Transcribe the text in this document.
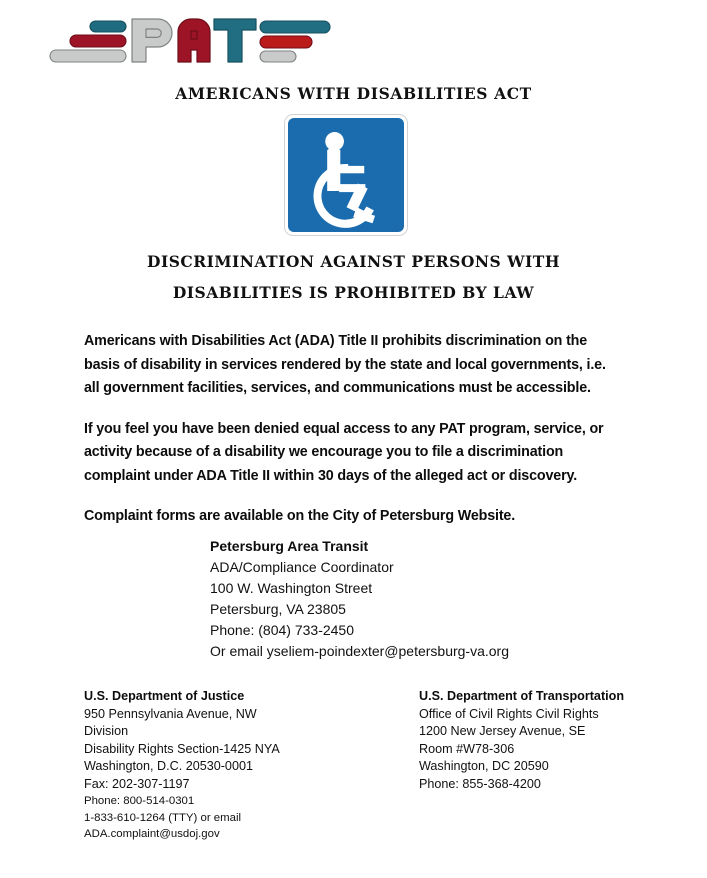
AMERICANS WITH DISABILITIES ACT
DISCRIMINATION AGAINST PERSONS WITH
DISABILITIES IS PROHIBITED BY LAW

Americans with Disabilities Act (ADA) Title II prohibits discrimination on the basis of disability in services rendered by the state and local governments, i.e. all government facilities, services, and communications must be accessible.

If you feel you have been denied equal access to any PAT program, service, or activity because of a disability we encourage you to file a discrimination complaint under ADA Title II within 30 days of the alleged act or discovery.

Complaint forms are available on the City of Petersburg Website.

Petersburg Area Transit
ADA/Compliance Coordinator
100 W. Washington Street
Petersburg, VA 23805
Phone: (804) 733-2450
Or email yseliem-poindexter@petersburg-va.org
U.S. Department of Justice
950 Pennsylvania Avenue, NW
Division
Disability Rights Section-1425 NYA
Washington, D.C. 20530-0001
Fax: 202-307-1197
Phone: 800-514-0301
1-833-610-1264 (TTY) or email
ADA.complaint@usdoj.gov
U.S. Department of Transportation
Office of Civil Rights Civil Rights
1200 New Jersey Avenue, SE
Room #W78-306
Washington, DC 20590
Phone: 855-368-4200
